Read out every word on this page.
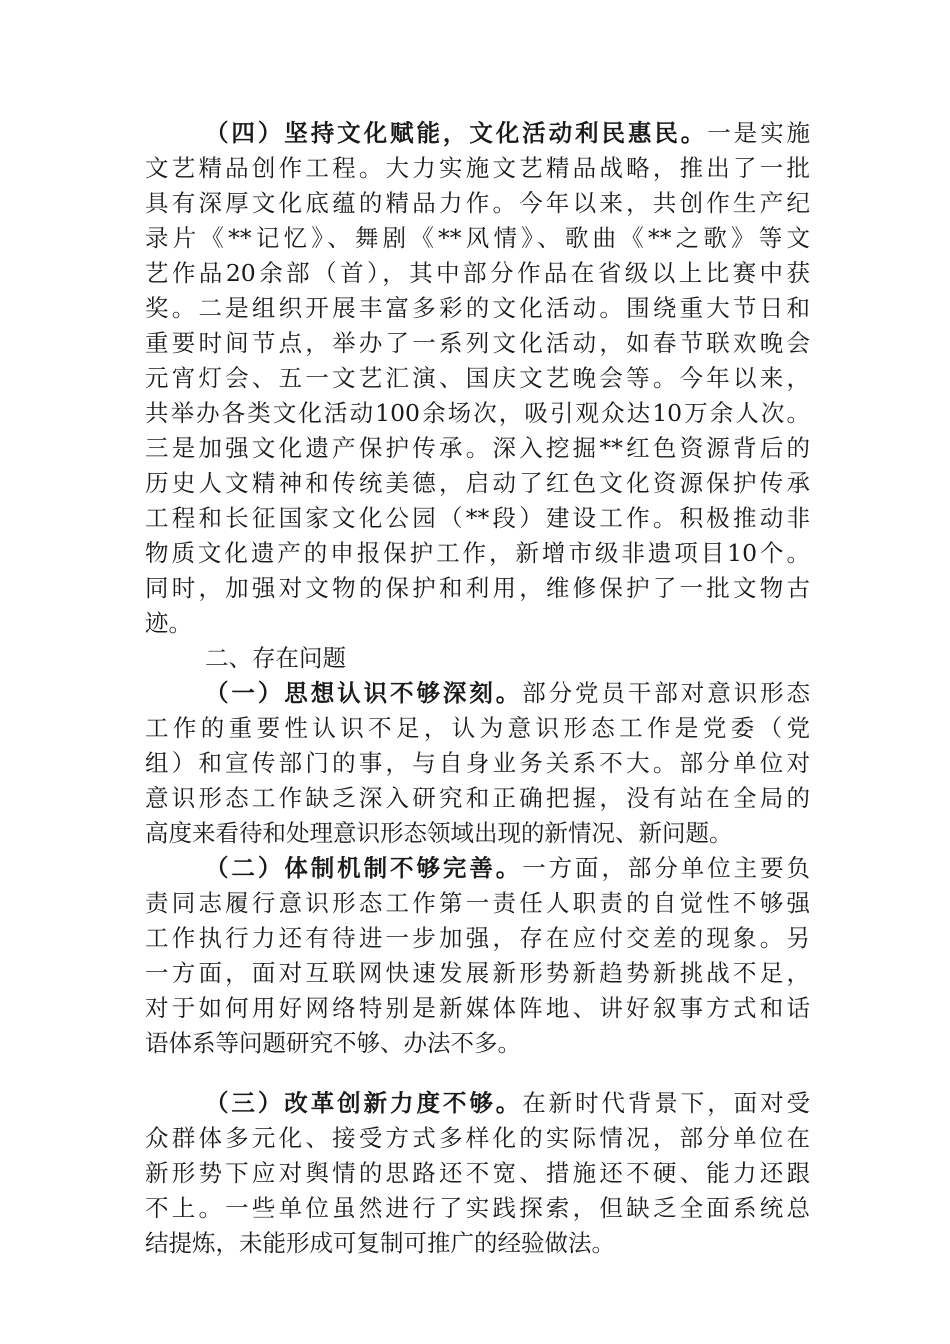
（四）坚持文化赋能，文化活动利民惠民。一是实施
文艺精品创作工程。大力实施文艺精品战略，推出了一批
具有深厚文化底蕴的精品力作。今年以来，共创作生产纪
录片《**记忆》、舞剧《**风情》、歌曲《**之歌》等文
艺作品20余部（首），其中部分作品在省级以上比赛中获
奖。二是组织开展丰富多彩的文化活动。围绕重大节日和
重要时间节点，举办了一系列文化活动，如春节联欢晚会
元宵灯会、五一文艺汇演、国庆文艺晚会等。今年以来，
共举办各类文化活动100余场次，吸引观众达10万余人次。
三是加强文化遗产保护传承。深入挖掘**红色资源背后的
历史人文精神和传统美德，启动了红色文化资源保护传承
工程和长征国家文化公园（**段）建设工作。积极推动非
物质文化遗产的申报保护工作，新增市级非遗项目10个。
同时，加强对文物的保护和利用，维修保护了一批文物古
迹。
二、存在问题
（一）思想认识不够深刻。部分党员干部对意识形态
工作的重要性认识不足，认为意识形态工作是党委（党
组）和宣传部门的事，与自身业务关系不大。部分单位对
意识形态工作缺乏深入研究和正确把握，没有站在全局的
高度来看待和处理意识形态领域出现的新情况、新问题。
（二）体制机制不够完善。一方面，部分单位主要负
责同志履行意识形态工作第一责任人职责的自觉性不够强
工作执行力还有待进一步加强，存在应付交差的现象。另
一方面，面对互联网快速发展新形势新趋势新挑战不足，
对于如何用好网络特别是新媒体阵地、讲好叙事方式和话
语体系等问题研究不够、办法不多。
（三）改革创新力度不够。在新时代背景下，面对受
众群体多元化、接受方式多样化的实际情况，部分单位在
新形势下应对舆情的思路还不宽、措施还不硬、能力还跟
不上。一些单位虽然进行了实践探索，但缺乏全面系统总
结提炼，未能形成可复制可推广的经验做法。
